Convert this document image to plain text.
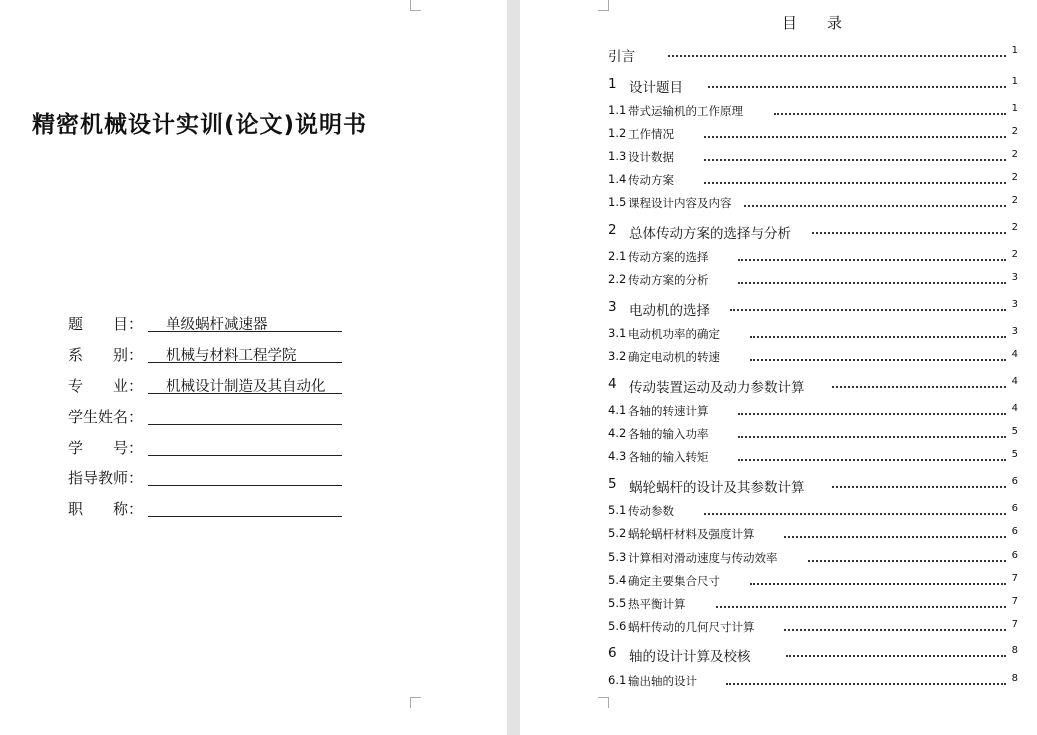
精密机械设计实训(论文)说明书
题　　目：	单级蜗杆减速器
系　　别：	机械与材料工程学院
专　　业：	机械设计制造及其自动化
学生姓名：
学　　号：
指导教师：
职　　称：
目　　录
引言	1
1 设计题目	1
1.1 带式运输机的工作原理	1
1.2 工作情况	2
1.3 设计数据	2
1.4 传动方案	2
1.5 课程设计内容及内容	2
2 总体传动方案的选择与分析	2
2.1 传动方案的选择	2
2.2 传动方案的分析	3
3 电动机的选择	3
3.1 电动机功率的确定	3
3.2 确定电动机的转速	4
4 传动装置运动及动力参数计算	4
4.1 各轴的转速计算	4
4.2 各轴的输入功率	5
4.3 各轴的输入转矩	5
5 蜗轮蜗杆的设计及其参数计算	6
5.1 传动参数	6
5.2 蜗轮蜗杆材料及强度计算	6
5.3 计算相对滑动速度与传动效率	6
5.4 确定主要集合尺寸	7
5.5 热平衡计算	7
5.6 蜗杆传动的几何尺寸计算	7
6 轴的设计计算及校核	8
6.1 输出轴的设计	8
